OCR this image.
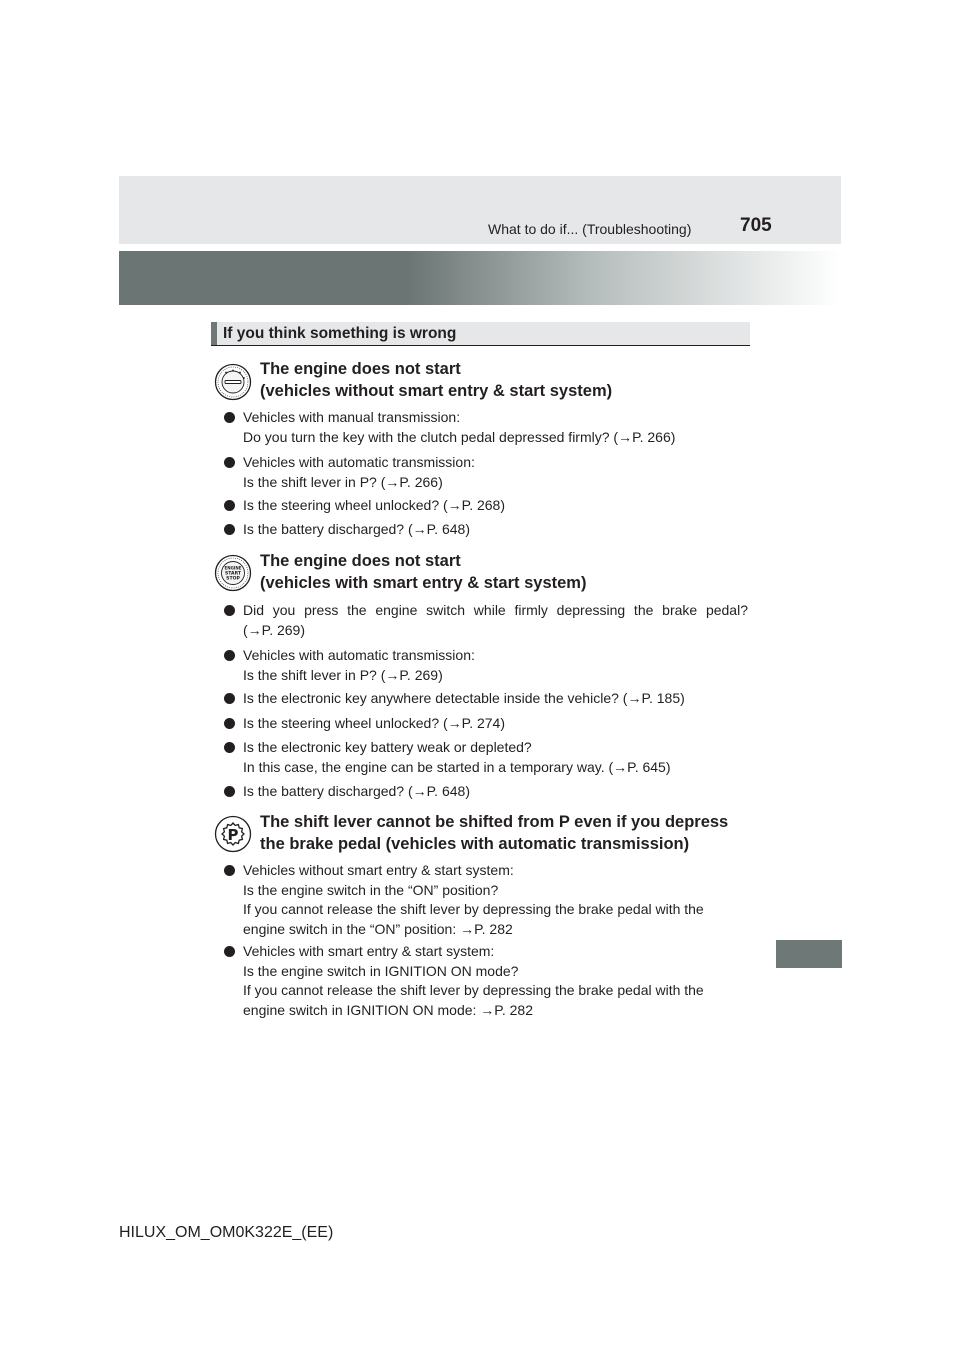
What to do if... (Troubleshooting)	705
If you think something is wrong
The engine does not start
(vehicles without smart entry & start system)
Vehicles with manual transmission:
Do you turn the key with the clutch pedal depressed firmly? (→P. 266)
Vehicles with automatic transmission:
Is the shift lever in P? (→P. 266)
Is the steering wheel unlocked? (→P. 268)
Is the battery discharged? (→P. 648)
ENGINE
START
STOP
The engine does not start
(vehicles with smart entry & start system)
Did you press the engine switch while firmly depressing the brake pedal?
(→P. 269)
Vehicles with automatic transmission:
Is the shift lever in P? (→P. 269)
Is the electronic key anywhere detectable inside the vehicle? (→P. 185)
Is the steering wheel unlocked? (→P. 274)
Is the electronic key battery weak or depleted?
In this case, the engine can be started in a temporary way. (→P. 645)
Is the battery discharged? (→P. 648)
P
The shift lever cannot be shifted from P even if you depress
the brake pedal (vehicles with automatic transmission)
Vehicles without smart entry & start system:
Is the engine switch in the “ON” position?
If you cannot release the shift lever by depressing the brake pedal with the
engine switch in the “ON” position: →P. 282
Vehicles with smart entry & start system:
Is the engine switch in IGNITION ON mode?
If you cannot release the shift lever by depressing the brake pedal with the
engine switch in IGNITION ON mode: →P. 282
HILUX_OM_OM0K322E_(EE)
